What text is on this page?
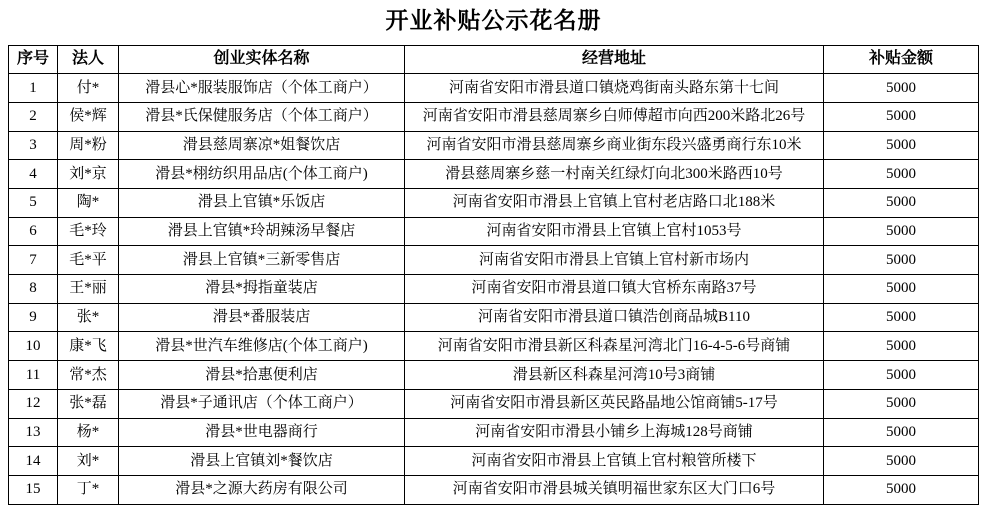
开业补贴公示花名册
序号	法人	创业实体名称	经营地址	补贴金额
1	付*	滑县心*服装服饰店（个体工商户）	河南省安阳市滑县道口镇烧鸡街南头路东第十七间	5000
2	侯*辉	滑县*氏保健服务店（个体工商户）	河南省安阳市滑县慈周寨乡白师傅超市向西200米路北26号	5000
3	周*粉	滑县慈周寨凉*姐餐饮店	河南省安阳市滑县慈周寨乡商业街东段兴盛勇商行东10米	5000
4	刘*京	滑县*栩纺织用品店(个体工商户)	滑县慈周寨乡慈一村南关红绿灯向北300米路西10号	5000
5	陶*	滑县上官镇*乐饭店	河南省安阳市滑县上官镇上官村老店路口北188米	5000
6	毛*玲	滑县上官镇*玲胡辣汤早餐店	河南省安阳市滑县上官镇上官村1053号	5000
7	毛*平	滑县上官镇*三新零售店	河南省安阳市滑县上官镇上官村新市场内	5000
8	王*丽	滑县*拇指童装店	河南省安阳市滑县道口镇大官桥东南路37号	5000
9	张*	滑县*番服装店	河南省安阳市滑县道口镇浩创商品城B110	5000
10	康*飞	滑县*世汽车维修店(个体工商户)	河南省安阳市滑县新区科森星河湾北门16-4-5-6号商铺	5000
11	常*杰	滑县*拾惠便利店	滑县新区科森星河湾10号3商铺	5000
12	张*磊	滑县*子通讯店（个体工商户）	河南省安阳市滑县新区英民路晶地公馆商铺5-17号	5000
13	杨*	滑县*世电器商行	河南省安阳市滑县小铺乡上海城128号商铺	5000
14	刘*	滑县上官镇刘*餐饮店	河南省安阳市滑县上官镇上官村粮管所楼下	5000
15	丁*	滑县*之源大药房有限公司	河南省安阳市滑县城关镇明福世家东区大门口6号	5000
